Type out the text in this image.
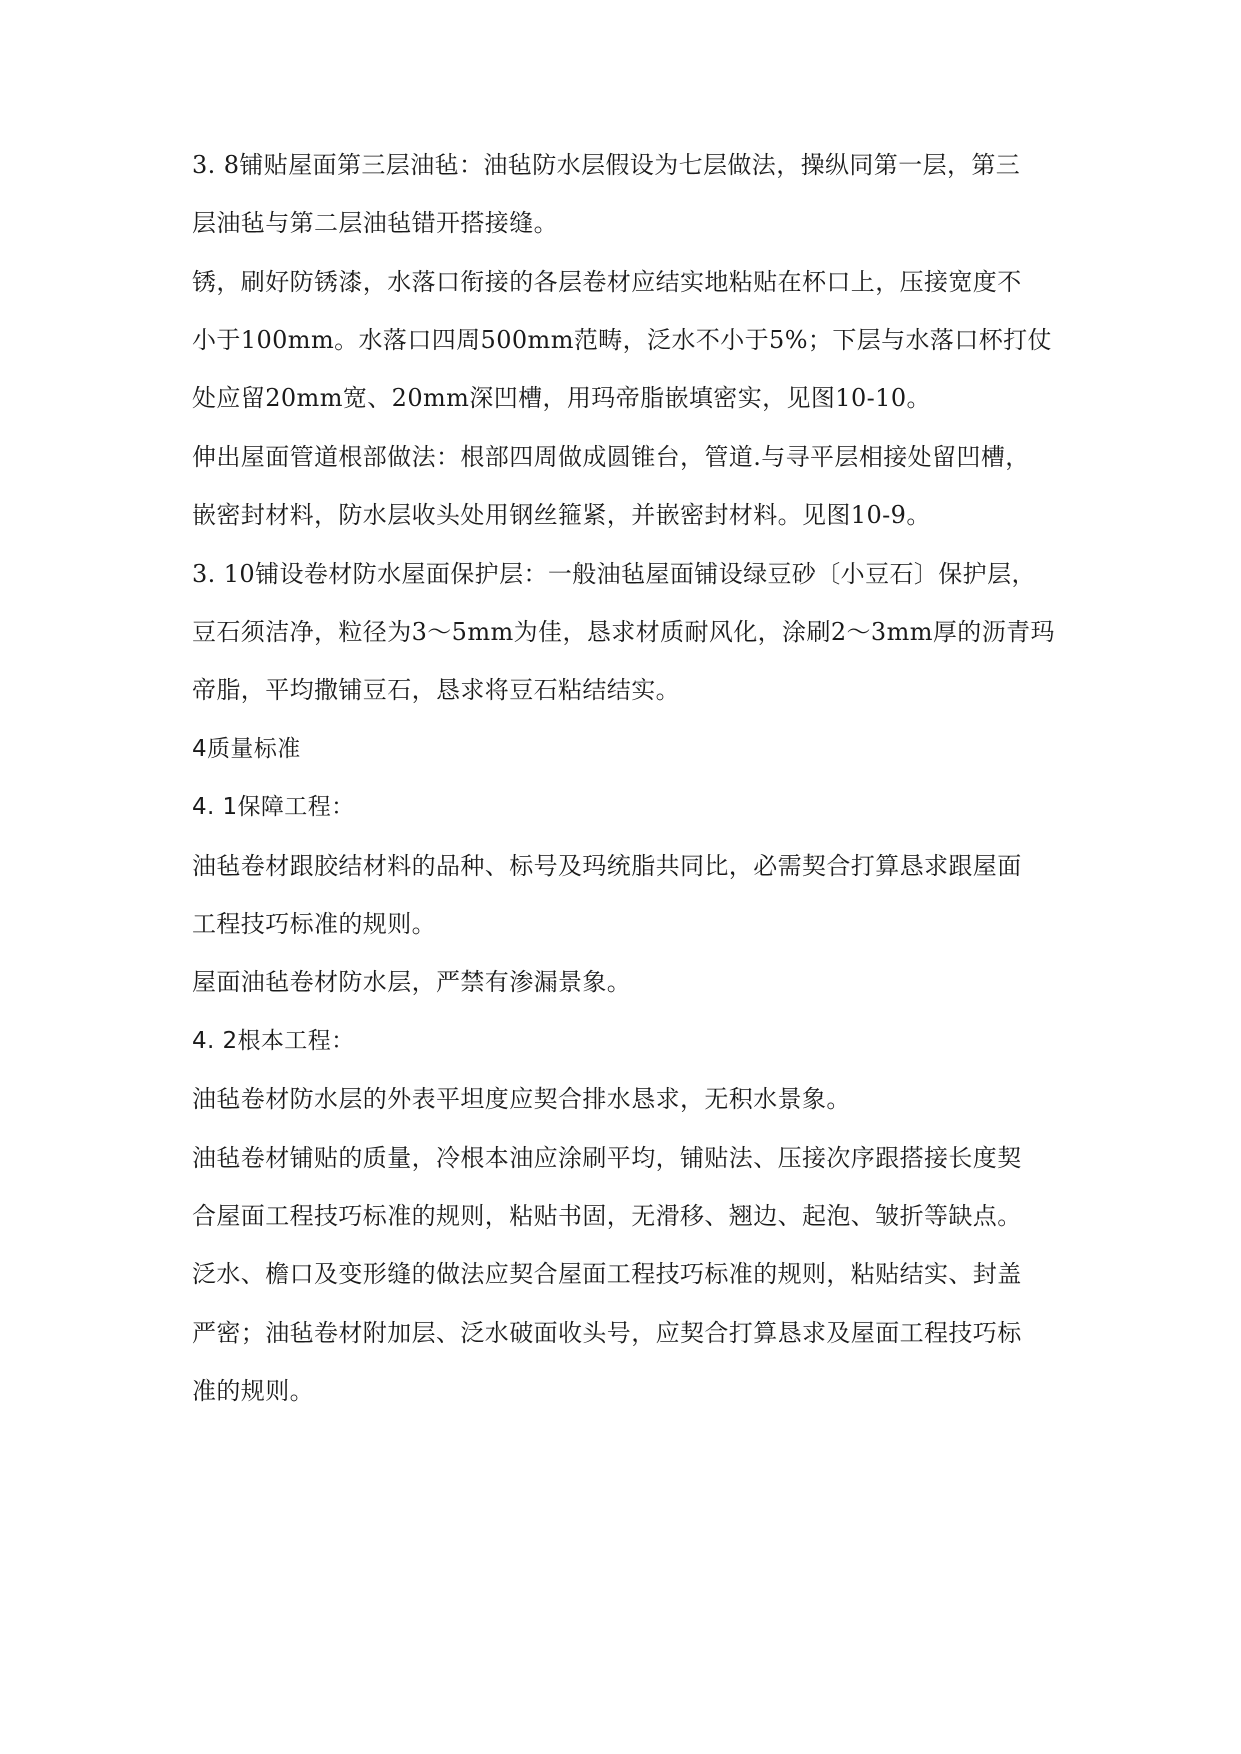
3. 8铺贴屋面第三层油毡：油毡防水层假设为七层做法，操纵同第一层，第三
层油毡与第二层油毡错开搭接缝。
锈，刷好防锈漆，水落口衔接的各层卷材应结实地粘贴在杯口上，压接宽度不
小于100mm。水落口四周500mm范畴，泛水不小于5%；下层与水落口杯打仗
处应留20mm宽、20mm深凹槽，用玛帝脂嵌填密实，见图10-10。
伸出屋面管道根部做法：根部四周做成圆锥台，管道.与寻平层相接处留凹槽，
嵌密封材料，防水层收头处用钢丝箍紧，并嵌密封材料。见图10-9。
3. 10铺设卷材防水屋面保护层：一般油毡屋面铺设绿豆砂〔小豆石〕保护层，
豆石须洁净，粒径为3～5mm为佳，恳求材质耐风化，涂刷2～3mm厚的沥青玛
帝脂，平均撒铺豆石，恳求将豆石粘结结实。
4质量标准
4. 1保障工程：
油毡卷材跟胶结材料的品种、标号及玛统脂共同比，必需契合打算恳求跟屋面
工程技巧标准的规则。
屋面油毡卷材防水层，严禁有渗漏景象。
4. 2根本工程：
油毡卷材防水层的外表平坦度应契合排水恳求，无积水景象。
油毡卷材铺贴的质量，冷根本油应涂刷平均，铺贴法、压接次序跟搭接长度契
合屋面工程技巧标准的规则，粘贴书固，无滑移、翘边、起泡、皱折等缺点。
泛水、檐口及变形缝的做法应契合屋面工程技巧标准的规则，粘贴结实、封盖
严密；油毡卷材附加层、泛水破面收头号，应契合打算恳求及屋面工程技巧标
准的规则。
